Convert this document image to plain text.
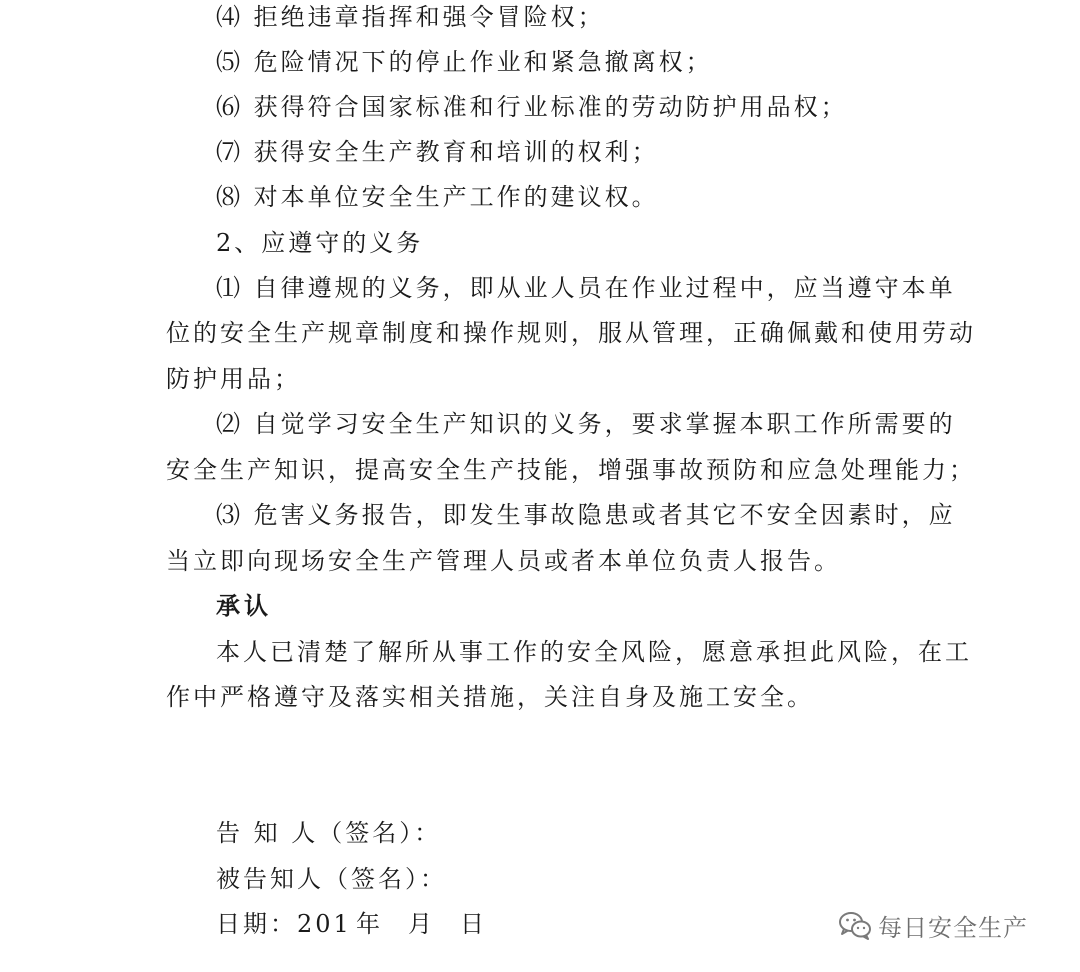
⑷ 拒绝违章指挥和强令冒险权；
⑸ 危险情况下的停止作业和紧急撤离权；
⑹ 获得符合国家标准和行业标准的劳动防护用品权；
⑺ 获得安全生产教育和培训的权利；
⑻ 对本单位安全生产工作的建议权。
2、应遵守的义务
⑴ 自律遵规的义务，即从业人员在作业过程中，应当遵守本单
位的安全生产规章制度和操作规则，服从管理，正确佩戴和使用劳动
防护用品；
⑵ 自觉学习安全生产知识的义务，要求掌握本职工作所需要的
安全生产知识，提高安全生产技能，增强事故预防和应急处理能力；
⑶ 危害义务报告，即发生事故隐患或者其它不安全因素时，应
当立即向现场安全生产管理人员或者本单位负责人报告。
承认
本人已清楚了解所从事工作的安全风险，愿意承担此风险，在工
作中严格遵守及落实相关措施，关注自身及施工安全。
告 知 人（签名）：
被告知人（签名）：
日期：201 年 月 日	每日安全生产
